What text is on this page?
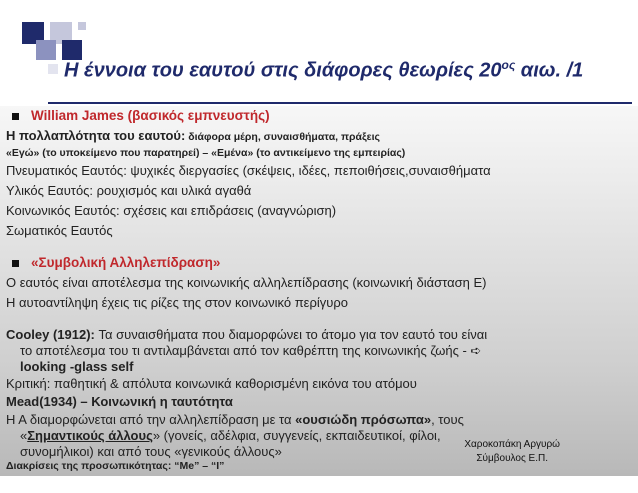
Η έννοια του εαυτού στις διάφορες θεωρίες $20^{o\varsigma}$ αιω. /1
William James (βασικός εμπνευστής)
Η πολλαπλότητα του εαυτού: διάφορα μέρη, συναισθήματα, πράξεις
«Εγώ» (το υποκείμενο που παρατηρεί) – «Εμένα» (το αντικείμενο της εμπειρίας)
Πνευματικός Εαυτός: ψυχικές διεργασίες (σκέψεις, ιδέες, πεποιθήσεις,συναισθήματα
Υλικός Εαυτός: ρουχισμός και υλικά αγαθά
Κοινωνικός Εαυτός: σχέσεις και επιδράσεις (αναγνώριση)
Σωματικός Εαυτός
«Συμβολική Αλληλεπίδραση»
Ο εαυτός είναι αποτέλεσμα της κοινωνικής αλληλεπίδρασης (κοινωνική διάσταση Ε)
Η αυτοαντίληψη έχεις τις ρίζες της στον κοινωνικό περίγυρο
Cooley (1912): Τα συναισθήματα που διαμορφώνει το άτομο για τον εαυτό του είναι
το αποτέλεσμα του τι αντιλαμβάνεται από τον καθρέπτη της κοινωνικής ζωής - ➪
looking -glass self
Κριτική: παθητική & απόλυτα κοινωνικά καθορισμένη εικόνα του ατόμου
Mead(1934) – Κοινωνική η ταυτότητα
Η Α διαμορφώνεται από την αλληλεπίδραση με τα «ουσιώδη πρόσωπα», τους
«Σημαντικούς άλλους» (γονείς, αδέλφια, συγγενείς, εκπαιδευτικοί, φίλοι,
συνομήλικοι) και από τους «γενικούς άλλους»
Διακρίσεις της προσωπικότητας: “Me” – “I”
Χαροκοπάκη Αργυρώ
Σύμβουλος Ε.Π.
